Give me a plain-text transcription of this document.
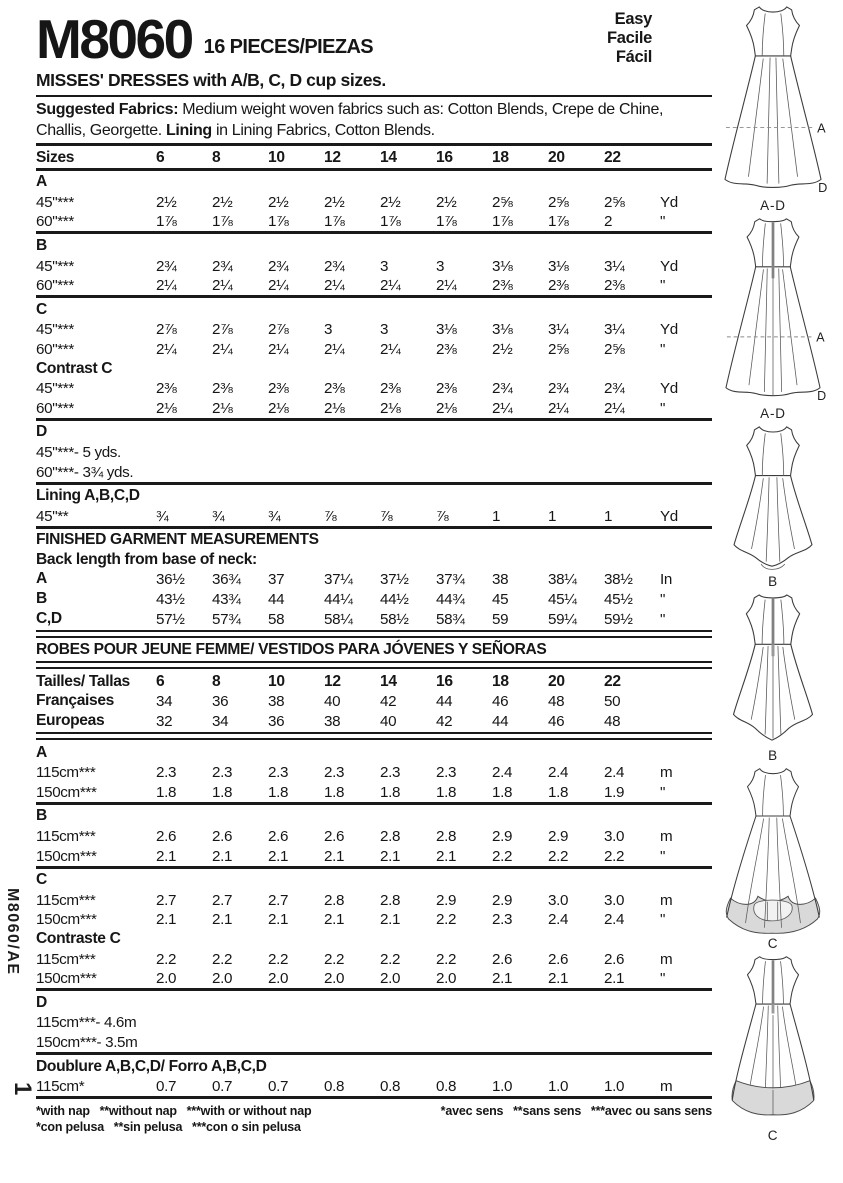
M8060 16 PIECES/PIEZAS
Easy
Facile
Fácil
MISSES' DRESSES with A/B, C, D cup sizes.

Suggested Fabrics: Medium weight woven fabrics such as: Cotton Blends, Crepe de Chine, Challis, Georgette. Lining in Lining Fabrics, Cotton Blends.

Sizes	6	8	10	12	14	16	18	20	22
A
45"***	2½	2½	2½	2½	2½	2½	2⅝	2⅝	2⅝	Yd
60"***	1⅞	1⅞	1⅞	1⅞	1⅞	1⅞	1⅞	1⅞	2	"
B
45"***	2¾	2¾	2¾	2¾	3	3	3⅛	3⅛	3¼	Yd
60"***	2¼	2¼	2¼	2¼	2¼	2¼	2⅜	2⅜	2⅜	"
C
45"***	2⅞	2⅞	2⅞	3	3	3⅛	3⅛	3¼	3¼	Yd
60"***	2¼	2¼	2¼	2¼	2¼	2⅜	2½	2⅝	2⅝	"
Contrast C
45"***	2⅜	2⅜	2⅜	2⅜	2⅜	2⅜	2¾	2¾	2¾	Yd
60"***	2⅛	2⅛	2⅛	2⅛	2⅛	2⅛	2¼	2¼	2¼	"
D
45"***- 5 yds.
60"***- 3¾ yds.
Lining A,B,C,D
45"**	¾	¾	¾	⅞	⅞	⅞	1	1	1	Yd
FINISHED GARMENT MEASUREMENTS
Back length from base of neck:
A	36½	36¾	37	37¼	37½	37¾	38	38¼	38½	In
B	43½	43¾	44	44¼	44½	44¾	45	45¼	45½	"
C,D	57½	57¾	58	58¼	58½	58¾	59	59¼	59½	"
ROBES POUR JEUNE FEMME/ VESTIDOS PARA JÓVENES Y SEÑORAS
Tailles/ Tallas	6	8	10	12	14	16	18	20	22
Françaises	34	36	38	40	42	44	46	48	50
Europeas	32	34	36	38	40	42	44	46	48
A
115cm***	2.3	2.3	2.3	2.3	2.3	2.3	2.4	2.4	2.4	m
150cm***	1.8	1.8	1.8	1.8	1.8	1.8	1.8	1.8	1.9	"
B
115cm***	2.6	2.6	2.6	2.6	2.8	2.8	2.9	2.9	3.0	m
150cm***	2.1	2.1	2.1	2.1	2.1	2.1	2.2	2.2	2.2	"
C
115cm***	2.7	2.7	2.7	2.8	2.8	2.9	2.9	3.0	3.0	m
150cm***	2.1	2.1	2.1	2.1	2.1	2.2	2.3	2.4	2.4	"
Contraste C
115cm***	2.2	2.2	2.2	2.2	2.2	2.2	2.6	2.6	2.6	m
150cm***	2.0	2.0	2.0	2.0	2.0	2.0	2.1	2.1	2.1	"
D
115cm***- 4.6m
150cm***- 3.5m
Doublure A,B,C,D/ Forro A,B,C,D
115cm*	0.7	0.7	0.7	0.8	0.8	0.8	1.0	1.0	1.0	m
*with nap   **without nap   ***with or without nap	*avec sens   **sans sens   ***avec ou sans sens
*con pelusa   **sin pelusa   ***con o sin pelusa
M8060/AE
1
A
D
A-D
A
D
A-D
B
B
C
C
